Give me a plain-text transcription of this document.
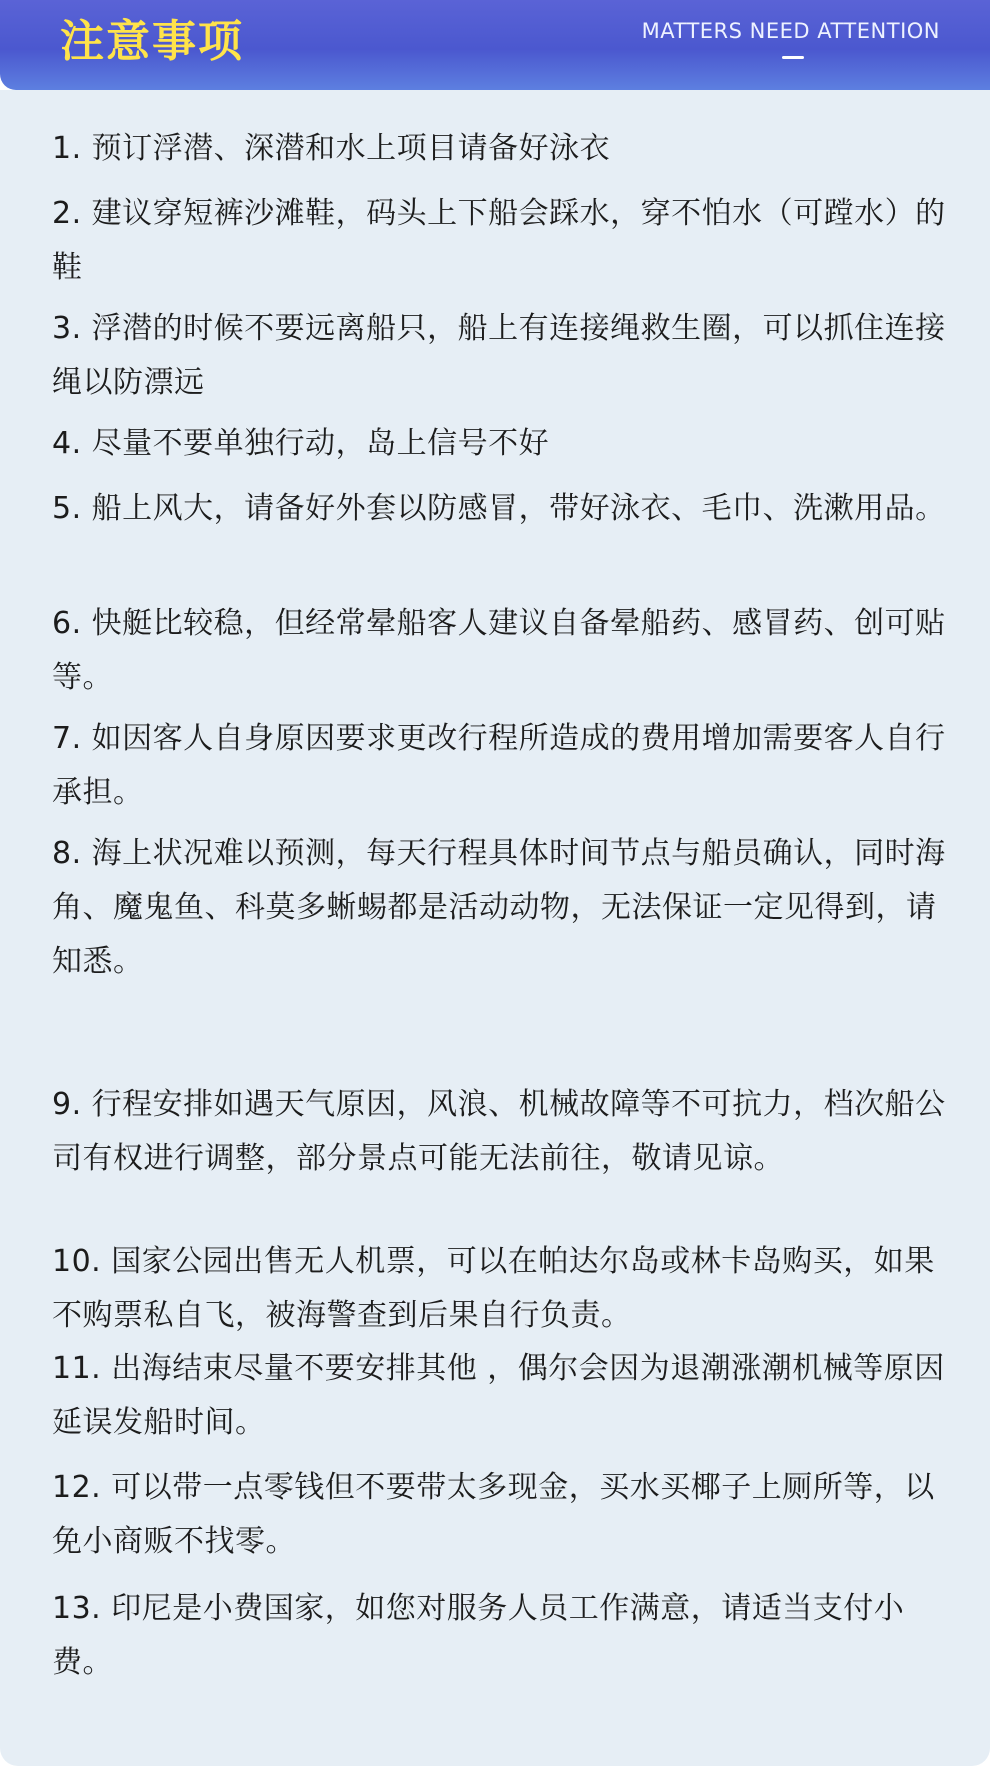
注意事项	MATTERS NEED ATTENTION
1. 预订浮潜、深潜和水上项目请备好泳衣
2. 建议穿短裤沙滩鞋，码头上下船会踩水，穿不怕水（可蹚水）的鞋
3. 浮潜的时候不要远离船只，船上有连接绳救生圈，可以抓住连接绳以防漂远
4. 尽量不要单独行动，岛上信号不好
5. 船上风大，请备好外套以防感冒，带好泳衣、毛巾、洗漱用品。
6. 快艇比较稳，但经常晕船客人建议自备晕船药、感冒药、创可贴等。
7. 如因客人自身原因要求更改行程所造成的费用增加需要客人自行承担。
8. 海上状况难以预测，每天行程具体时间节点与船员确认，同时海角、魔鬼鱼、科莫多蜥蜴都是活动动物，无法保证一定见得到，请知悉。
9. 行程安排如遇天气原因，风浪、机械故障等不可抗力，档次船公司有权进行调整，部分景点可能无法前往，敬请见谅。
10. 国家公园出售无人机票，可以在帕达尔岛或林卡岛购买，如果不购票私自飞，被海警查到后果自行负责。
11. 出海结束尽量不要安排其他 ，偶尔会因为退潮涨潮机械等原因延误发船时间。
12. 可以带一点零钱但不要带太多现金，买水买椰子上厕所等，以免小商贩不找零。
13. 印尼是小费国家，如您对服务人员工作满意，请适当支付小费。
